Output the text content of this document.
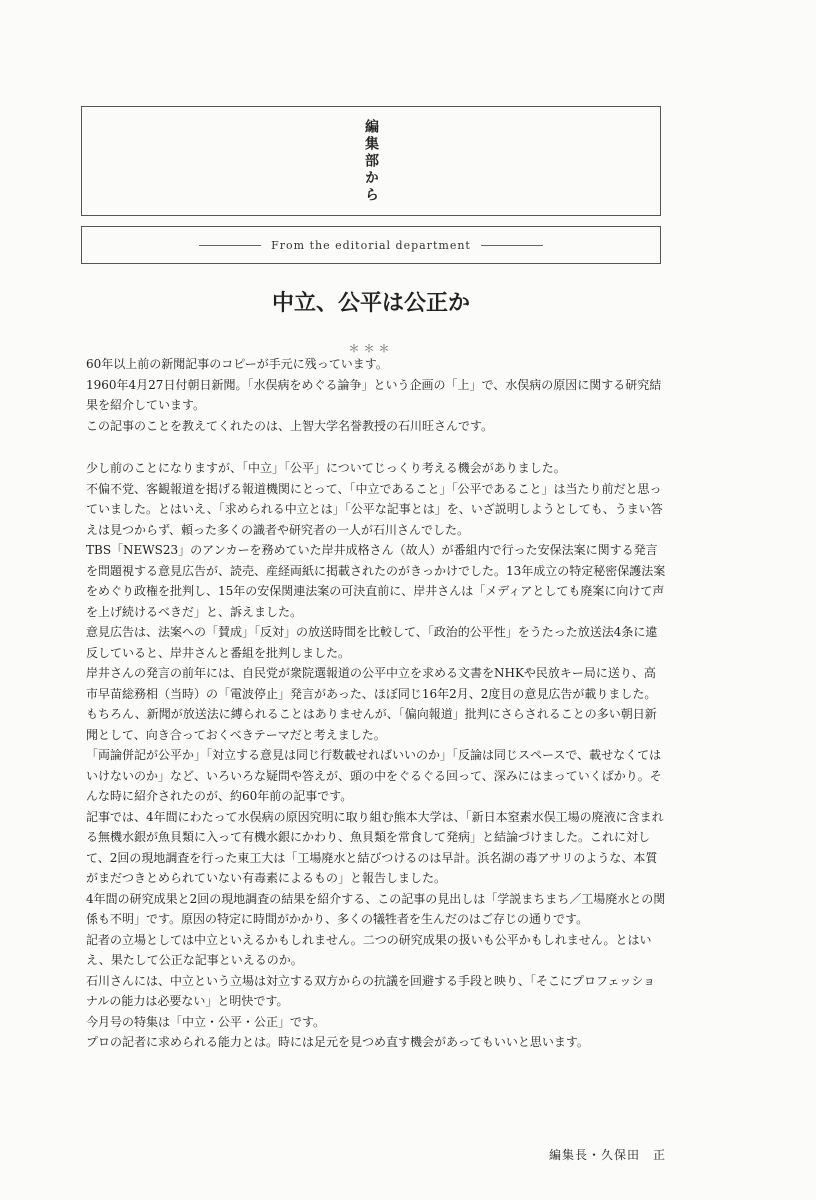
編集部から
From the editorial department
中立、公平は公正か
＊＊＊

60年以上前の新聞記事のコピーが手元に残っています。

1960年4月27日付朝日新聞。「水俣病をめぐる論争」という企画の「上」で、水俣病の原因に関する研究結果を紹介しています。

この記事のことを教えてくれたのは、上智大学名誉教授の石川旺さんです。

少し前のことになりますが、「中立」「公平」についてじっくり考える機会がありました。

不偏不党、客観報道を掲げる報道機関にとって、「中立であること」「公平であること」は当たり前だと思っていました。とはいえ、「求められる中立とは」「公平な記事とは」を、いざ説明しようとしても、うまい答えは見つからず、頼った多くの識者や研究者の一人が石川さんでした。

TBS「NEWS23」のアンカーを務めていた岸井成格さん（故人）が番組内で行った安保法案に関する発言を問題視する意見広告が、読売、産経両紙に掲載されたのがきっかけでした。13年成立の特定秘密保護法案をめぐり政権を批判し、15年の安保関連法案の可決直前に、岸井さんは「メディアとしても廃案に向けて声を上げ続けるべきだ」と、訴えました。

意見広告は、法案への「賛成」「反対」の放送時間を比較して、「政治的公平性」をうたった放送法4条に違反していると、岸井さんと番組を批判しました。

岸井さんの発言の前年には、自民党が衆院選報道の公平中立を求める文書をNHKや民放キー局に送り、高市早苗総務相（当時）の「電波停止」発言があった、ほぼ同じ16年2月、2度目の意見広告が載りました。

もちろん、新聞が放送法に縛られることはありませんが、「偏向報道」批判にさらされることの多い朝日新聞として、向き合っておくべきテーマだと考えました。

「両論併記が公平か」「対立する意見は同じ行数載せればいいのか」「反論は同じスペースで、載せなくてはいけないのか」など、いろいろな疑問や答えが、頭の中をぐるぐる回って、深みにはまっていくばかり。そんな時に紹介されたのが、約60年前の記事です。

記事では、4年間にわたって水俣病の原因究明に取り組む熊本大学は、「新日本窒素水俣工場の廃液に含まれる無機水銀が魚貝類に入って有機水銀にかわり、魚貝類を常食して発病」と結論づけました。これに対して、2回の現地調査を行った東工大は「工場廃水と結びつけるのは早計。浜名湖の毒アサリのような、本質がまだつきとめられていない有毒素によるもの」と報告しました。

4年間の研究成果と2回の現地調査の結果を紹介する、この記事の見出しは「学説まちまち／工場廃水との関係も不明」です。原因の特定に時間がかかり、多くの犠牲者を生んだのはご存じの通りです。

記者の立場としては中立といえるかもしれません。二つの研究成果の扱いも公平かもしれません。とはいえ、果たして公正な記事といえるのか。

石川さんには、中立という立場は対立する双方からの抗議を回避する手段と映り、「そこにプロフェッショナルの能力は必要ない」と明快です。

今月号の特集は「中立・公平・公正」です。

プロの記者に求められる能力とは。時には足元を見つめ直す機会があってもいいと思います。

編集長・久保田　正
